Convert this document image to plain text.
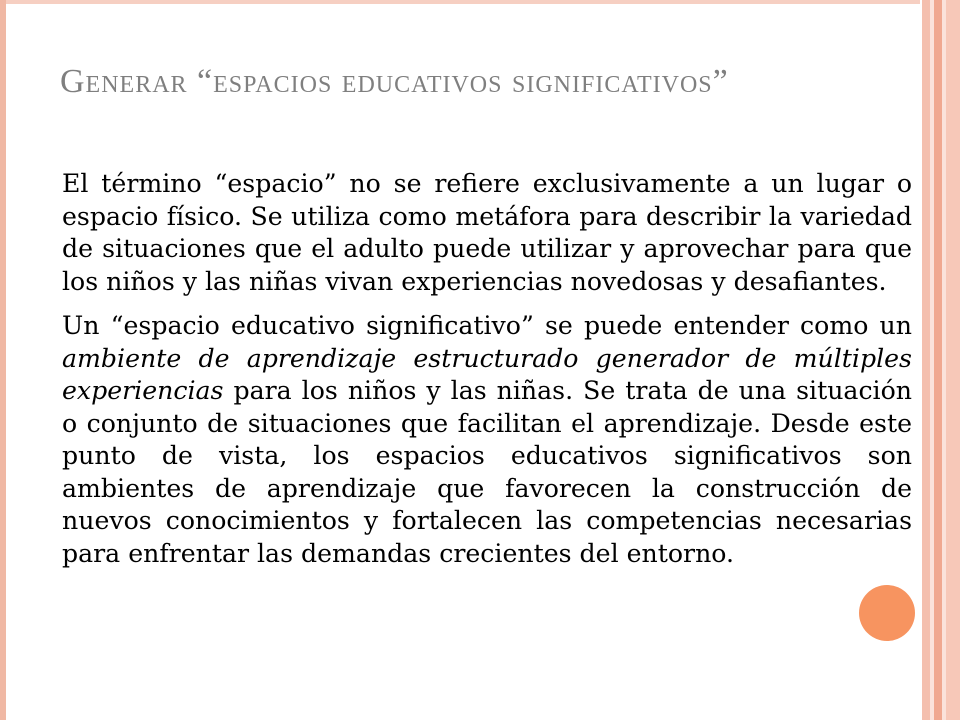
Generar “espacios educativos significativos”

El término “espacio” no se refiere exclusivamente a un lugar o espacio físico. Se utiliza como metáfora para describir la variedad de situaciones que el adulto puede utilizar y aprovechar para que los niños y las niñas vivan experiencias novedosas y desafiantes.

Un “espacio educativo significativo” se puede entender como un ambiente de aprendizaje estructurado generador de múltiples experiencias para los niños y las niñas. Se trata de una situación o conjunto de situaciones que facilitan el aprendizaje. Desde este punto de vista, los espacios educativos significativos son ambientes de aprendizaje que favorecen la construcción de nuevos conocimientos y fortalecen las competencias necesarias para enfrentar las demandas crecientes del entorno.
